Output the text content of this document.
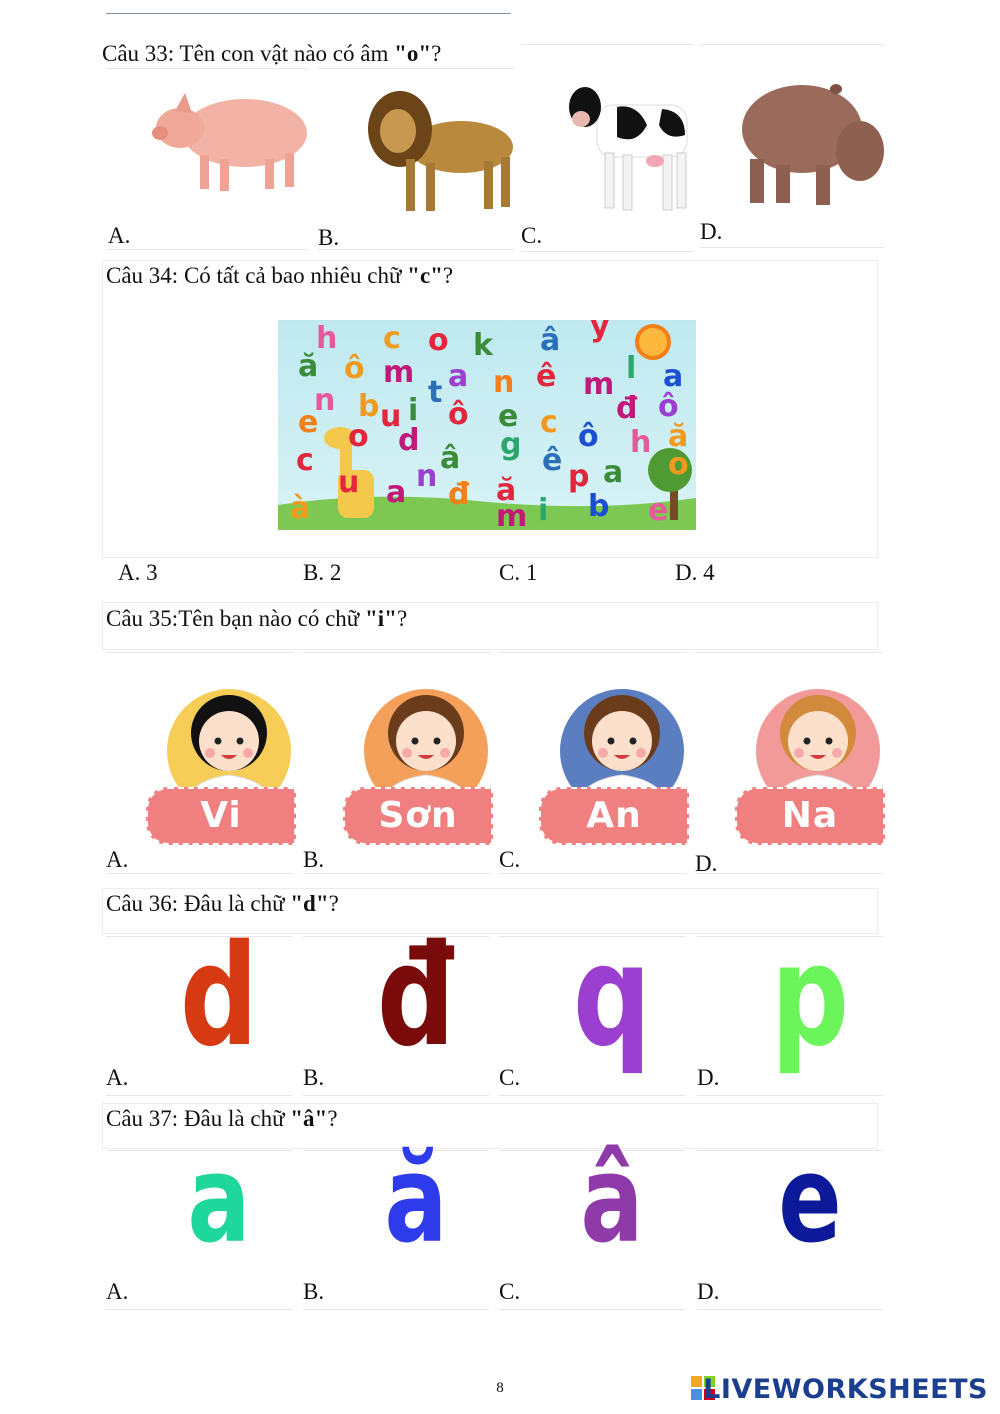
Câu 33: Tên con vật nào có âm "o"?
A.	B.	C.	D.
Câu 34: Có tất cả bao nhiêu chữ "c"?
h c o k â y
ă ô m a n ê m l a
n b u i
t
ô e c đ ô
e o d	g ô h ă
c	â	ê p a o
a n
đ ă
m i b e
à
u
A. 3	B. 2	C. 1	D. 4
Câu 35:Tên bạn nào có chữ "i"?
Vi
A.
Sơn
B.
An
C.
Na
D.
Câu 36: Đâu là chữ "d"?
d
A. đ
B. q
C. p
D.
Câu 37: Đâu là chữ "â"?
a
A.
ă
B.
â
C.
e
D.
8	LIVEWORKSHEETS
